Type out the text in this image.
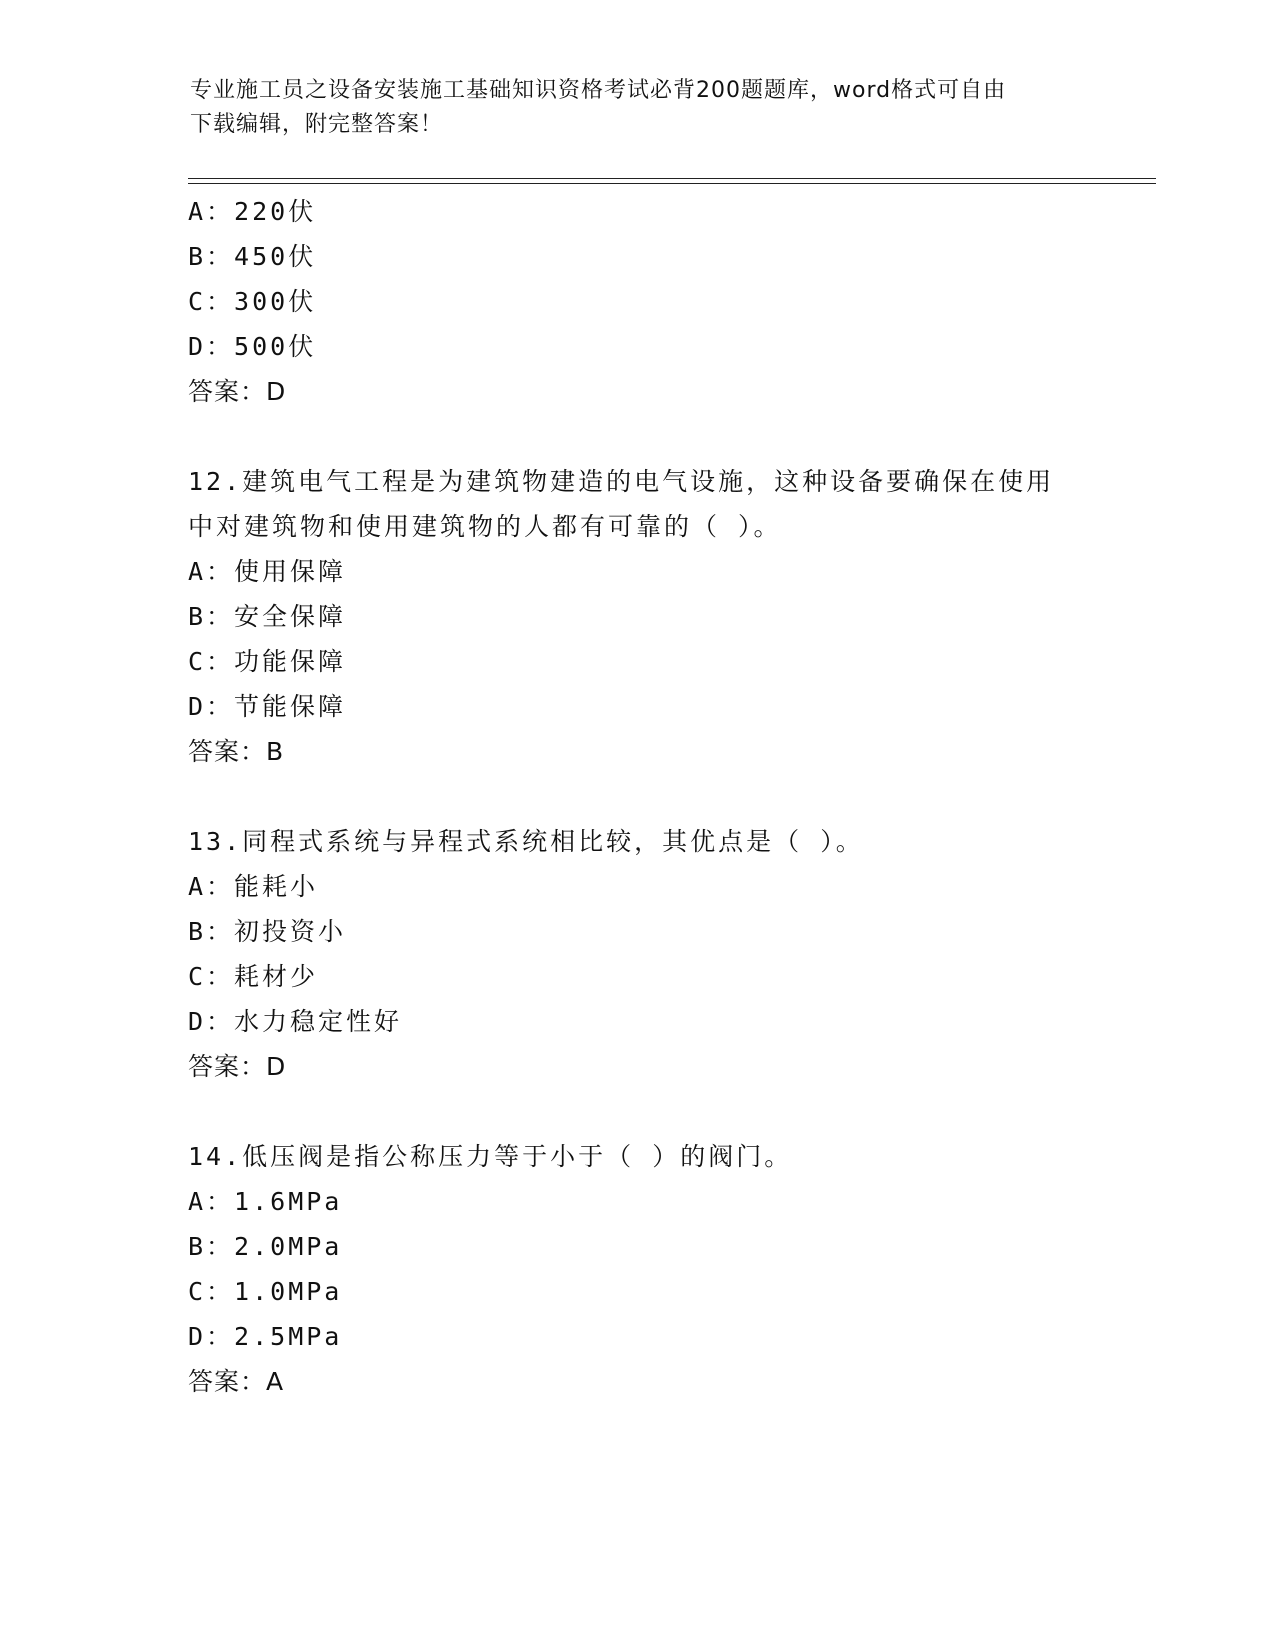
专业施工员之设备安装施工基础知识资格考试必背200题题库，word格式可自由
下载编辑，附完整答案！
A：220伏
B：450伏
C：300伏
D：500伏
答案：D
12.建筑电气工程是为建筑物建造的电气设施，这种设备要确保在使用
中对建筑物和使用建筑物的人都有可靠的（ ）。
A：使用保障
B：安全保障
C：功能保障
D：节能保障
答案：B
13.同程式系统与异程式系统相比较，其优点是（ ）。
A：能耗小
B：初投资小
C：耗材少
D：水力稳定性好
答案：D
14.低压阀是指公称压力等于小于（ ）的阀门。
A：1.6MPa
B：2.0MPa
C：1.0MPa
D：2.5MPa
答案：A
